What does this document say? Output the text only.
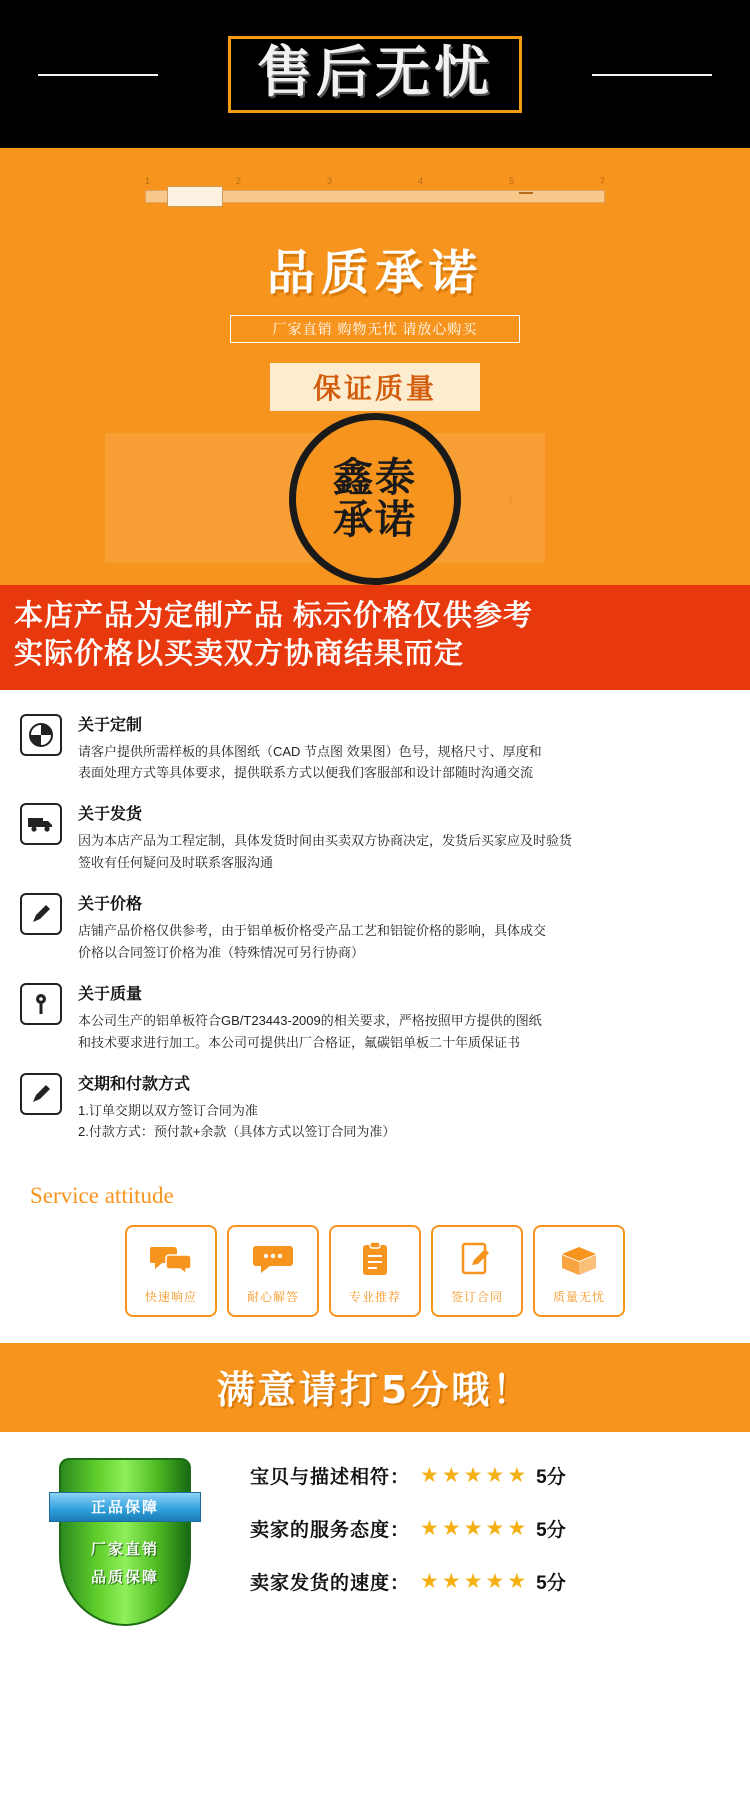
售后无忧
1	2	3	4	5	7
品质承诺
厂家直销 购物无忧 请放心购买
保证质量
i
鑫泰
承诺
本店产品为定制产品 标示价格仅供参考
实际价格以买卖双方协商结果而定
关于定制
请客户提供所需样板的具体图纸（CAD 节点图 效果图）色号，规格尺寸、厚度和
表面处理方式等具体要求，提供联系方式以便我们客服部和设计部随时沟通交流
关于发货
因为本店产品为工程定制，具体发货时间由买卖双方协商决定，发货后买家应及时验货
签收有任何疑问及时联系客服沟通
关于价格
店铺产品价格仅供参考，由于铝单板价格受产品工艺和铝锭价格的影响，具体成交
价格以合同签订价格为准（特殊情况可另行协商）
关于质量
本公司生产的铝单板符合GB/T23443-2009的相关要求，严格按照甲方提供的图纸
和技术要求进行加工。本公司可提供出厂合格证，氟碳铝单板二十年质保证书
交期和付款方式
1.订单交期以双方签订合同为准
2.付款方式：预付款+余款（具体方式以签订合同为准）
Service attitude
快速响应	耐心解答	专业推荐	签订合同	质量无忧
满意请打5分哦！
厂家直销
品质保障
正品保障
宝贝与描述相符： ★ ★ ★ ★ ★ 5分
卖家的服务态度： ★ ★ ★ ★ ★ 5分
卖家发货的速度： ★ ★ ★ ★ ★ 5分
